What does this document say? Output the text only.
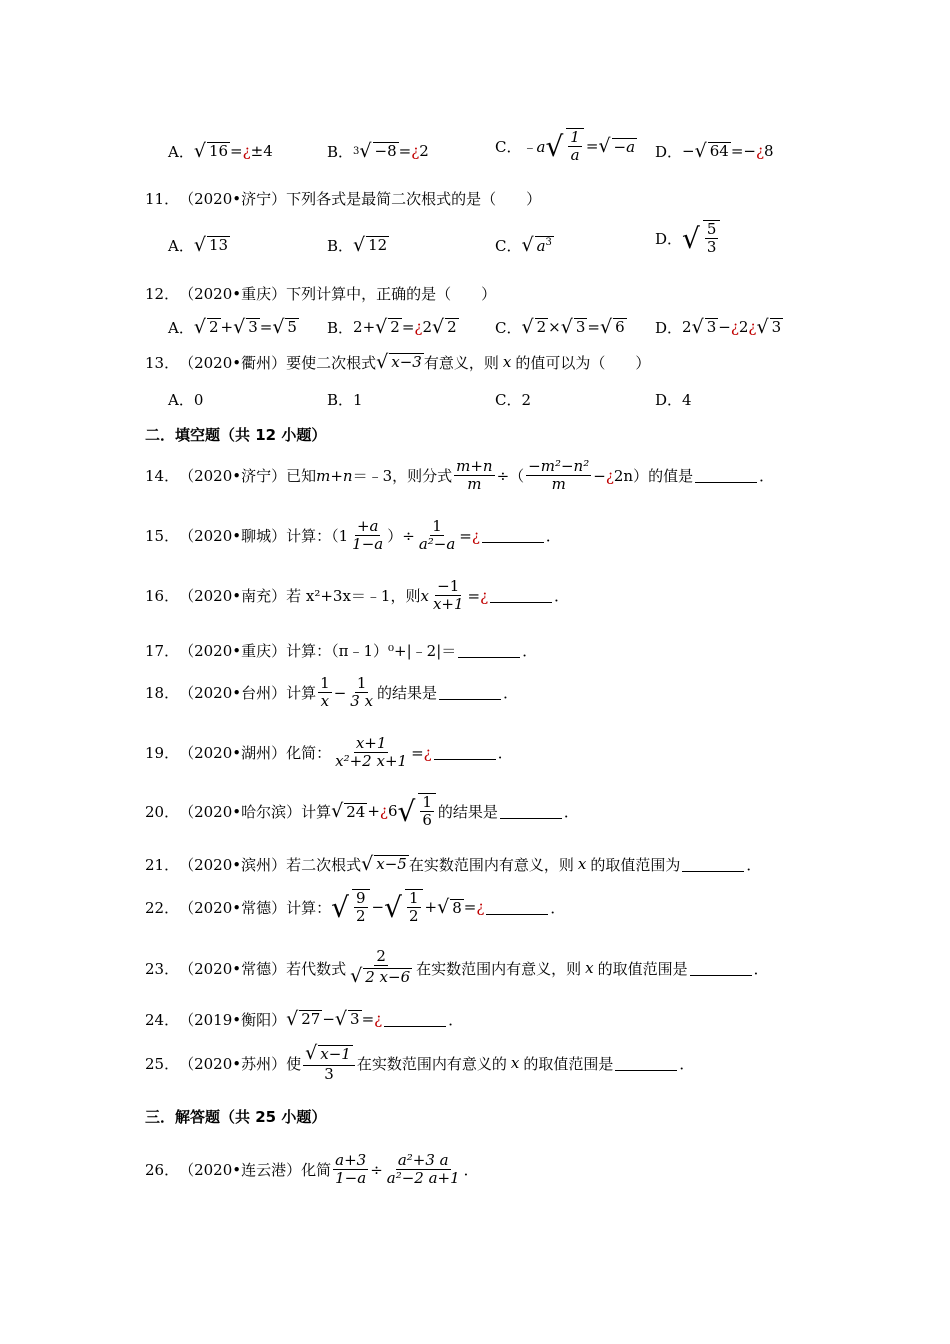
A． √ 16 = ¿ ±4	B． 3 √ −8 = ¿ 2	C． ﹣a √ $\frac{1}{a}$ = √ −a D． − √ 64 =− ¿ 8
11． （2020•济宁） 下列各式是最简二次根式的是（　　）
A． √ 13	B． √ 12	C． √ $a^3$	D． √ $\frac{5}{3}$
12． （2020•重庆） 下列计算中，正确的是（　　）
A． √ 2 + √ 3 = √ 5 B． 2+ √ 2 = ¿ 2 √ 2	C． √ 2 × √ 3 = √ 6 D． 2 √ 3 − ¿ 2 ¿ √ 3
13． （2020•衢州） 要使二次根式 √ x−3 有意义，则 x 的值可以为（　　）
A．0	B．1	C．2	D．4
二．填空题（共 12 小题）
14． （2020•济宁） 已知 m+n ＝﹣3，则分式 $\frac{m+n}{m}$ ÷（ $\frac{\text{−m²−n²}}{m}$ − ¿ 2n）的值是	．
15． （2020•聊城） 计算：（$1 \frac{+a}{1-a}$ ）÷ $\frac{1}{\text{a²−a}}$ = ¿	．
16． （2020•南充） 若 x²+3x＝﹣1，则 x $\frac{-1}{x+1}$ = ¿	．
17． （2020•重庆） 计算：（π﹣1）⁰+|﹣2|＝	．
18． （2020•台州） 计算 $\frac{1}{x} - \frac{1}{3 x}$ 的结果是	．
19． （2020•湖州） 化简： $\frac{x+1}{\text{x²+2 x+1}}$ = ¿	．
20． （2020•哈尔滨） 计算 √ 24 + ¿ 6 √ $\frac{1}{6}$ 的结果是	．
21． （2020•滨州） 若二次根式 √ x−5 在实数范围内有意义，则 x 的取值范围为	．
22． （2020•常德） 计算： √ $\frac{9}{2}$ − √ $\frac{1}{2}$ + √ 8 = ¿	．
23． （2020•常德） 若代数式 $\frac{2}{√ 2 x-6}$ 在实数范围内有意义，则 x 的取值范围是	．
24． （2019•衡阳） √ 27 − √ 3 = ¿	．
25． （2020•苏州） 使 $\frac{√ x-1}{3}$ 在实数范围内有意义的 x 的取值范围是	．
三．解答题（共 25 小题）
26． （2020•连云港） 化简 $\frac{a+3}{1-a} \div \frac{\text{a²+3 a}}{\text{a²−2 a+1}}$ ．
